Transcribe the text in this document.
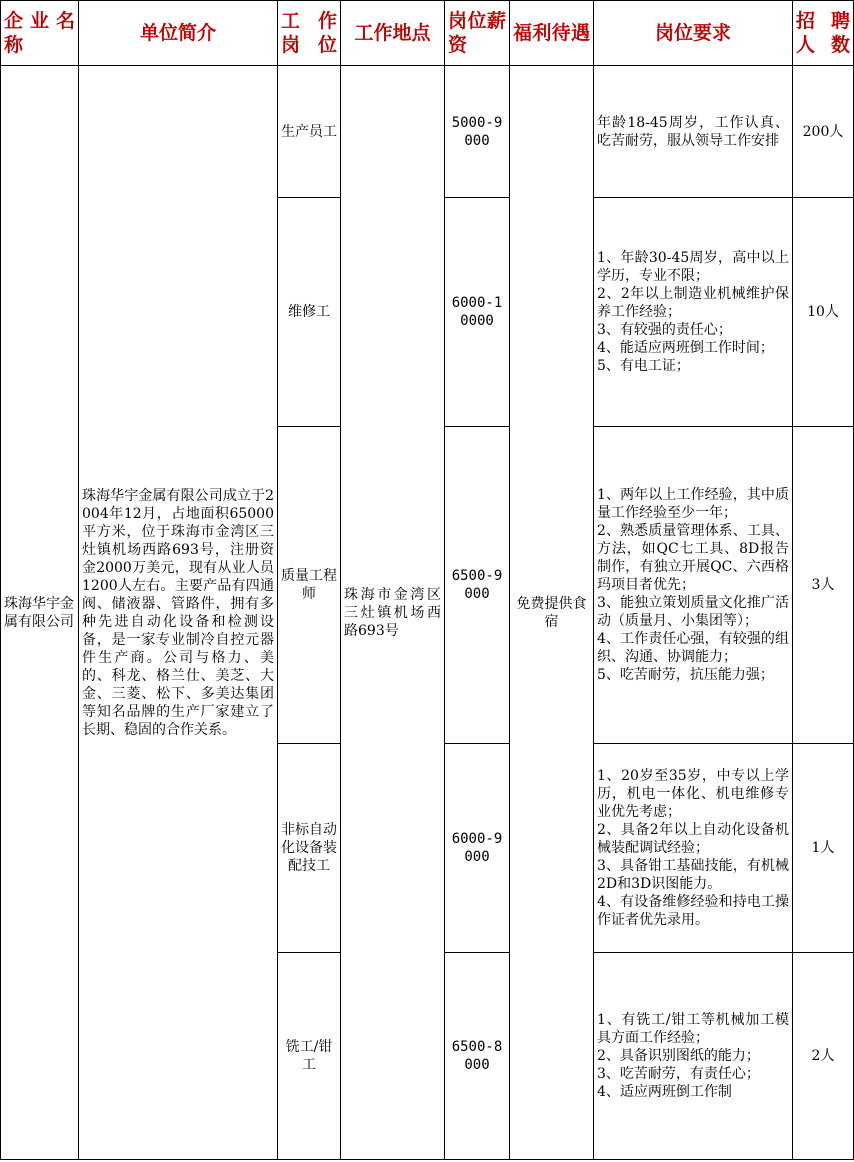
企业名称	单位简介	工作岗位	工作地点	岗位薪资	福利待遇	岗位要求	招聘人数
珠海华宇金属有限公司	珠海华宇金属有限公司成立于2004年12月，占地面积65000平方米，位于珠海市金湾区三灶镇机场西路693号，注册资金2000万美元，现有从业人员1200人左右。主要产品有四通阀、储液器、管路件，拥有多种先进自动化设备和检测设备，是一家专业制冷自控元器件生产商。公司与格力、美的、科龙、格兰仕、美芝、大金、三菱、松下、多美达集团等知名品牌的生产厂家建立了长期、稳固的合作关系。	生产员工	珠海市金湾区三灶镇机场西路693号	5000-9000	免费提供食宿	年龄18-45周岁，工作认真、吃苦耐劳，服从领导工作安排	200人
		维修工		6000-10000		1、年龄30-45周岁，高中以上学历，专业不限；
2、2年以上制造业机械维护保养工作经验；
3、有较强的责任心；
4、能适应两班倒工作时间；
5、有电工证；	10人
		质量工程师		6500-9000		1、两年以上工作经验，其中质量工作经验至少一年；
2、熟悉质量管理体系、工具、方法，如QC七工具、8D报告制作，有独立开展QC、六西格玛项目者优先；
3、能独立策划质量文化推广活动（质量月、小集团等）；
4、工作责任心强，有较强的组织、沟通、协调能力；
5、吃苦耐劳，抗压能力强；	3人
		非标自动化设备装配技工		6000-9000		1、20岁至35岁，中专以上学历，机电一体化、机电维修专业优先考虑；
2、具备2年以上自动化设备机械装配调试经验；
3、具备钳工基础技能，有机械2D和3D识图能力。
4、有设备维修经验和持电工操作证者优先录用。	1人
		铣工/钳工		6500-8000		1、有铣工/钳工等机械加工模具方面工作经验；
2、具备识别图纸的能力；
3、吃苦耐劳，有责任心；
4、适应两班倒工作制	2人
